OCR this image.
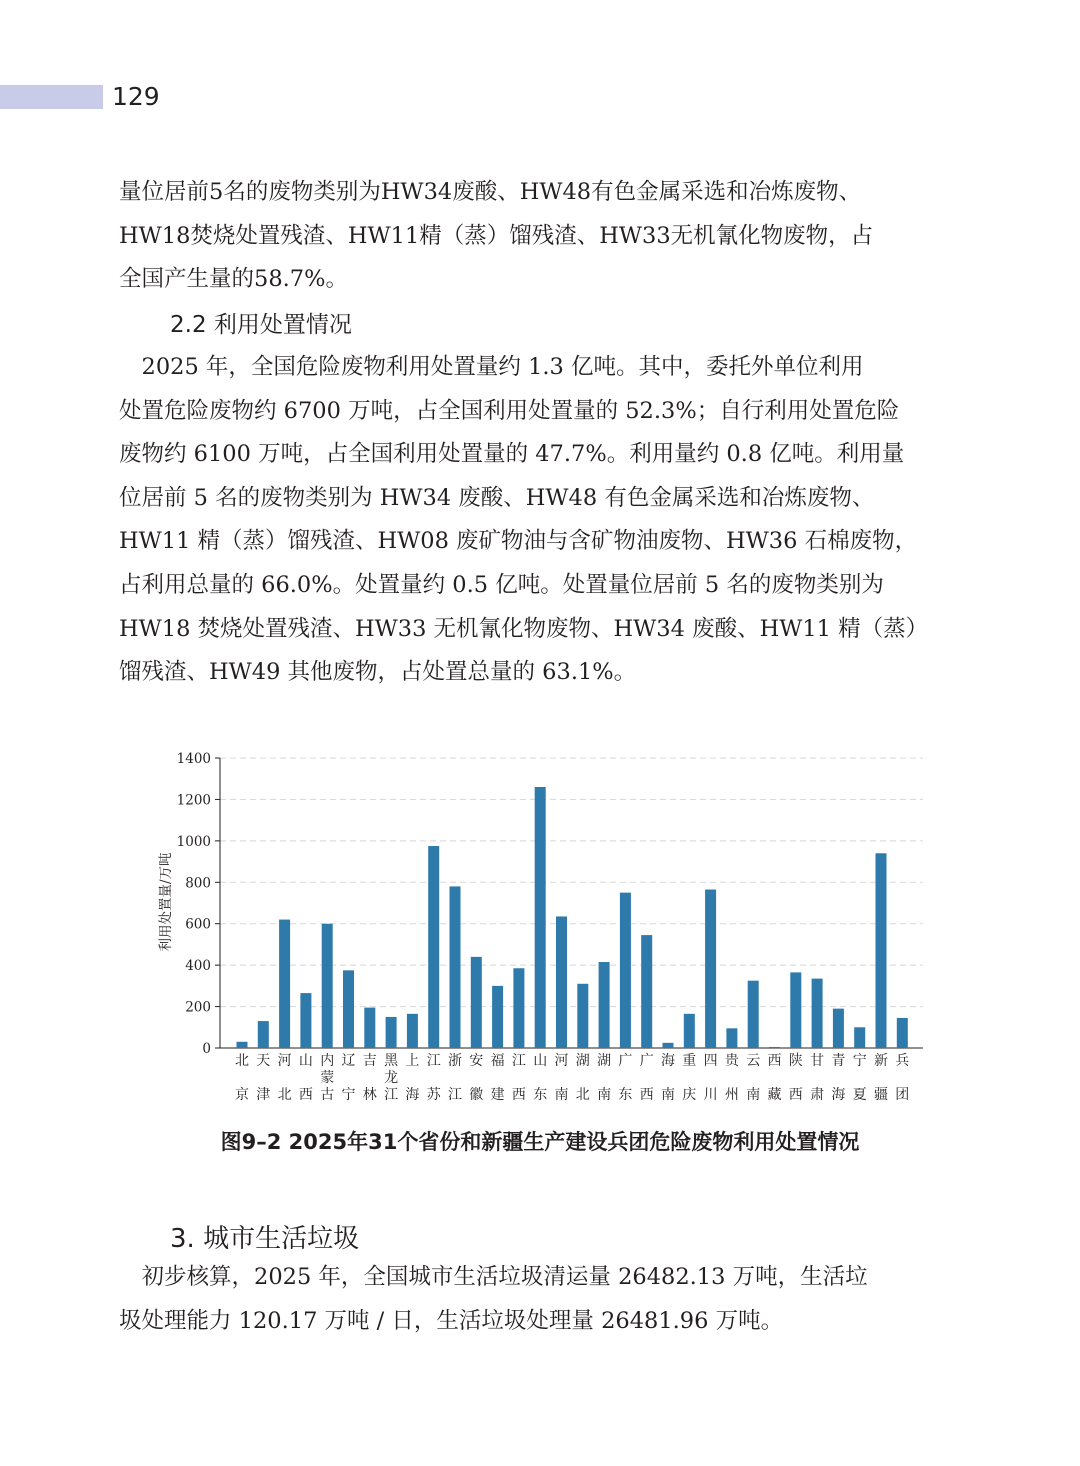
129
量位居前5名的废物类别为HW34废酸、HW48有色金属采选和冶炼废物、
HW18焚烧处置残渣、HW11精（蒸）馏残渣、HW33无机氰化物废物，占
全国产生量的58.7%。
2.2 利用处置情况
　2025 年，全国危险废物利用处置量约 1.3 亿吨。其中，委托外单位利用
处置危险废物约 6700 万吨，占全国利用处置量的 52.3%；自行利用处置危险
废物约 6100 万吨，占全国利用处置量的 47.7%。利用量约 0.8 亿吨。利用量
位居前 5 名的废物类别为 HW34 废酸、HW48 有色金属采选和冶炼废物、
HW11 精（蒸）馏残渣、HW08 废矿物油与含矿物油废物、HW36 石棉废物，
占利用总量的 66.0%。处置量约 0.5 亿吨。处置量位居前 5 名的废物类别为
HW18 焚烧处置残渣、HW33 无机氰化物废物、HW34 废酸、HW11 精（蒸）
馏残渣、HW49 其他废物，占处置总量的 63.1%。
0
200
400
600
800
1000
1200
1400
北京
天津
河北
山西
内蒙古
辽宁
吉林
黑龙江
上海
江苏
浙江
安徽
福建
江西
山东
河南
湖北
湖南
广东
广西
海南
重庆
四川
贵州
云南
西藏
陕西
甘肃
青海
宁夏
新疆
兵团
利用处置量/万吨
图9–2 2025年31个省份和新疆生产建设兵团危险废物利用处置情况
3. 城市生活垃圾
　初步核算，2025 年，全国城市生活垃圾清运量 26482.13 万吨，生活垃
圾处理能力 120.17 万吨 / 日，生活垃圾处理量 26481.96 万吨。
